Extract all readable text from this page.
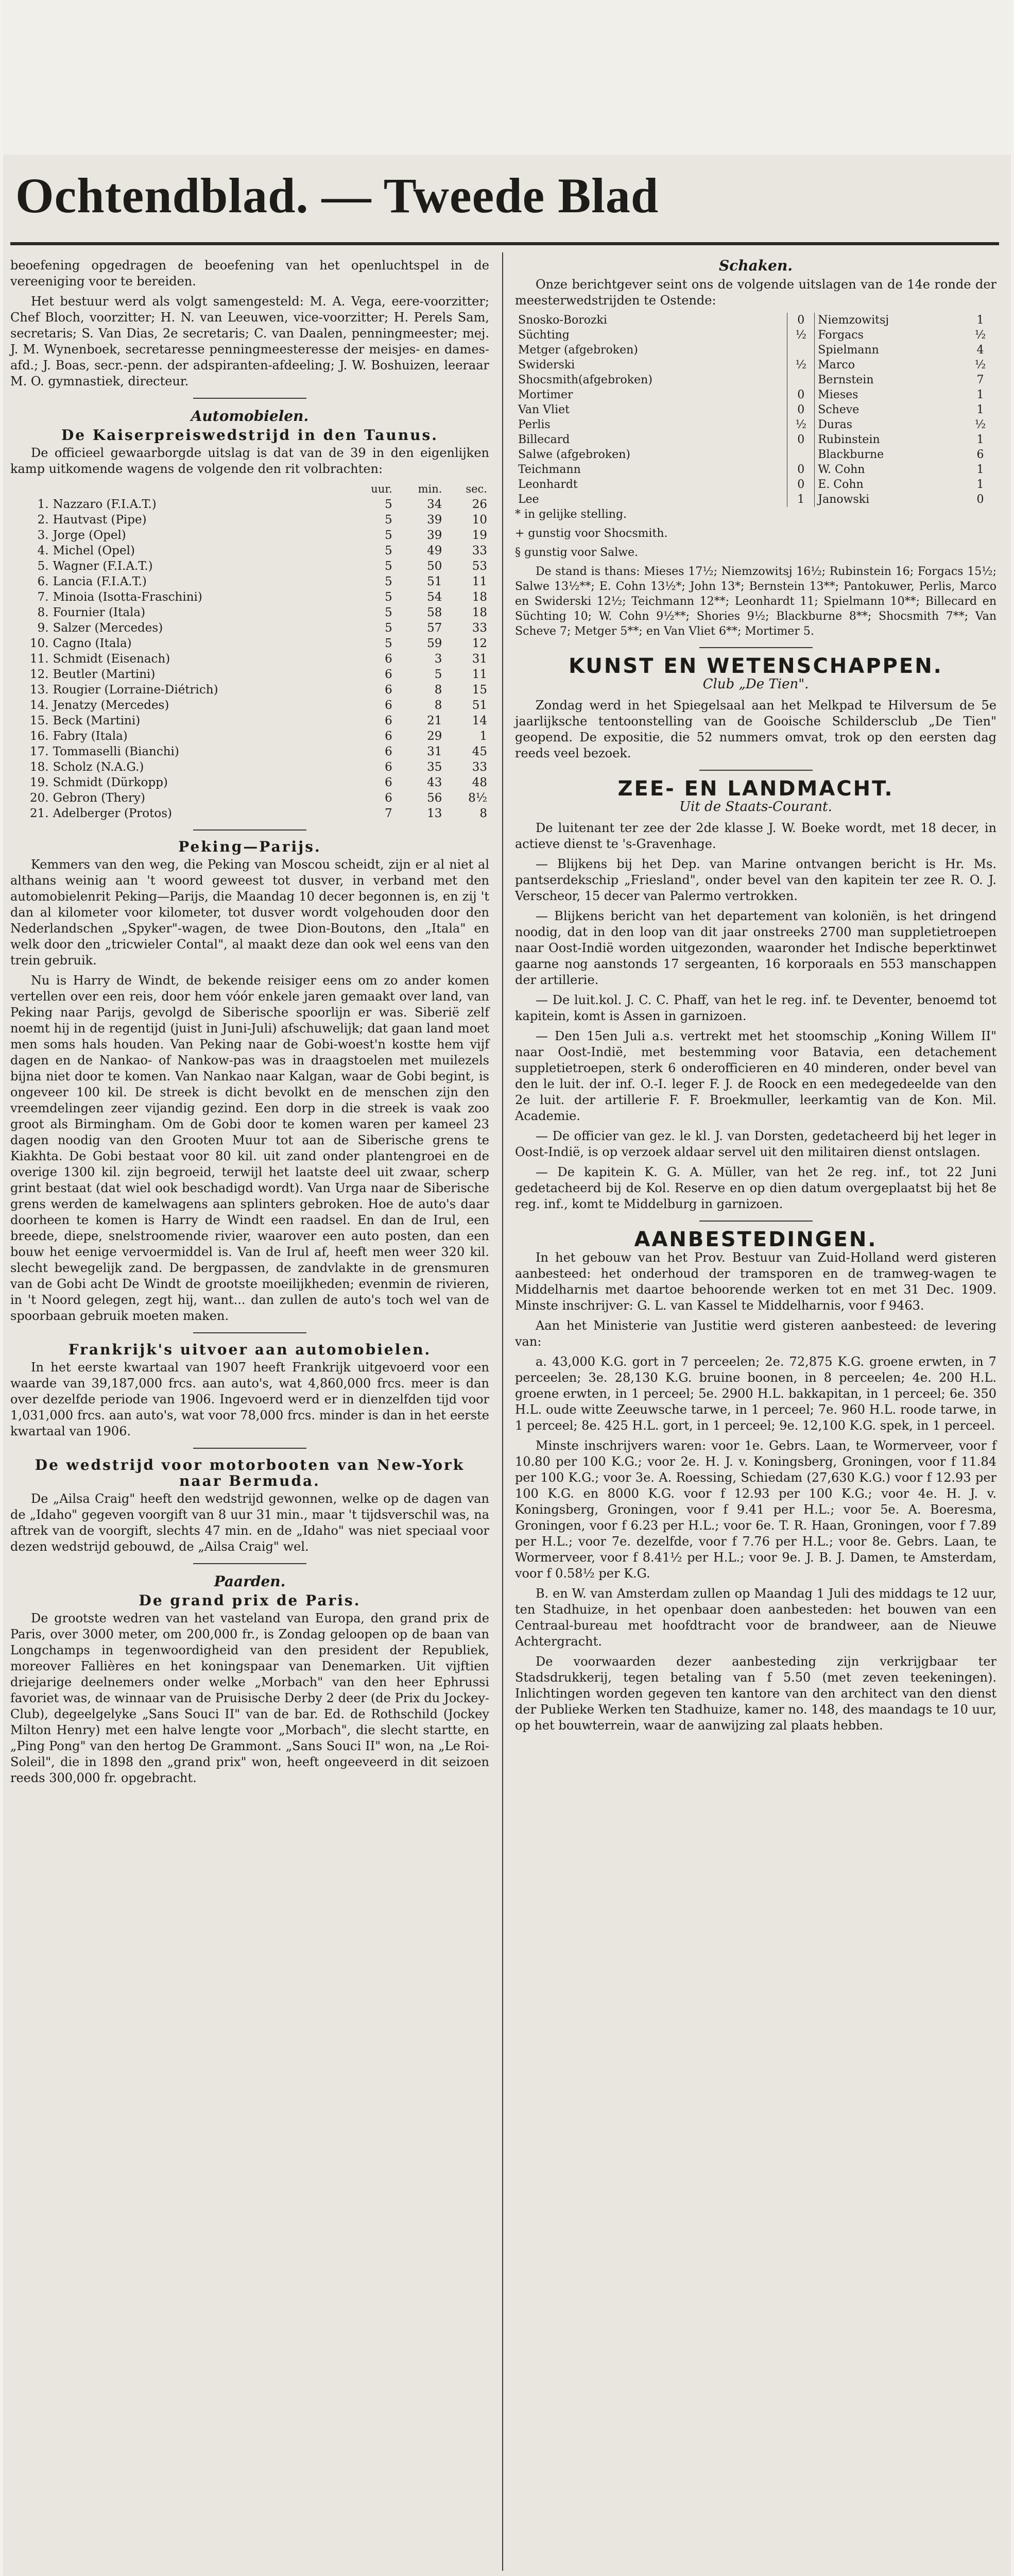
Ochtendblad. — Tweede Blad

beoefening opgedragen de beoefening van het openluchtspel in de vereeniging voor te bereiden.

Het bestuur werd als volgt samengesteld: M. A. Vega, eere-voorzitter; Chef Bloch, voorzitter; H. N. van Leeuwen, vice-voorzitter; H. Perels Sam, secretaris; S. Van Dias, 2e secretaris; C. van Daalen, penningmeester; mej. J. M. Wynenboek, secretaresse penningmeesteresse der meisjes- en dames-afd.; J. Boas, secr.-penn. der adspiranten-afdeeling; J. W. Boshuizen, leeraar M. O. gymnastiek, directeur.

Automobielen.
De Kaiserpreiswedstrijd in den Taunus.

De officieel gewaarborgde uitslag is dat van de 39 in den eigenlijken kamp uitkomende wagens de volgende den rit volbrachten:

		uur.	min.	sec.
1.	Nazzaro (F.I.A.T.)	5	34	26
2.	Hautvast (Pipe)	5	39	10
3.	Jorge (Opel)	5	39	19
4.	Michel (Opel)	5	49	33
5.	Wagner (F.I.A.T.)	5	50	53
6.	Lancia (F.I.A.T.)	5	51	11
7.	Minoia (Isotta-Fraschini)	5	54	18
8.	Fournier (Itala)	5	58	18
9.	Salzer (Mercedes)	5	57	33
10.	Cagno (Itala)	5	59	12
11.	Schmidt (Eisenach)	6	3	31
12.	Beutler (Martini)	6	5	11
13.	Rougier (Lorraine-Diétrich)	6	8	15
14.	Jenatzy (Mercedes)	6	8	51
15.	Beck (Martini)	6	21	14
16.	Fabry (Itala)	6	29	1
17.	Tommaselli (Bianchi)	6	31	45
18.	Scholz (N.A.G.)	6	35	33
19.	Schmidt (Dürkopp)	6	43	48
20.	Gebron (Thery)	6	56	8½
21.	Adelberger (Protos)	7	13	8
Peking—Parijs.

Kemmers van den weg, die Peking van Moscou scheidt, zijn er al niet al althans weinig aan 't woord geweest tot dusver, in verband met den automobielenrit Peking—Parijs, die Maandag 10 decer begonnen is, en zij 't dan al kilometer voor kilometer, tot dusver wordt volgehouden door den Nederlandschen „Spyker"-wagen, de twee Dion-Boutons, den „Itala" en welk door den „tricwieler Contal", al maakt deze dan ook wel eens van den trein gebruik.

Nu is Harry de Windt, de bekende reisiger eens om zo ander komen vertellen over een reis, door hem vóór enkele jaren gemaakt over land, van Peking naar Parijs, gevolgd de Siberische spoorlijn er was. Siberië zelf noemt hij in de regentijd (juist in Juni-Juli) afschuwelijk; dat gaan land moet men soms hals houden. Van Peking naar de Gobi-woest'n kostte hem vijf dagen en de Nankao- of Nankow-pas was in draagstoelen met muilezels bijna niet door te komen. Van Nankao naar Kalgan, waar de Gobi begint, is ongeveer 100 kil. De streek is dicht bevolkt en de menschen zijn den vreemdelingen zeer vijandig gezind. Een dorp in die streek is vaak zoo groot als Birmingham. Om de Gobi door te komen waren per kameel 23 dagen noodig van den Grooten Muur tot aan de Siberische grens te Kiakhta. De Gobi bestaat voor 80 kil. uit zand onder plantengroei en de overige 1300 kil. zijn begroeid, terwijl het laatste deel uit zwaar, scherp grint bestaat (dat wiel ook beschadigd wordt). Van Urga naar de Siberische grens werden de kamelwagens aan splinters gebroken. Hoe de auto's daar doorheen te komen is Harry de Windt een raadsel. En dan de Irul, een breede, diepe, snelstroomende rivier, waarover een auto posten, dan een bouw het eenige vervoermiddel is. Van de Irul af, heeft men weer 320 kil. slecht bewegelijk zand. De bergpassen, de zandvlakte in de grensmuren van de Gobi acht De Windt de grootste moeilijkheden; evenmin de rivieren, in 't Noord gelegen, zegt hij, want... dan zullen de auto's toch wel van de spoorbaan gebruik moeten maken.

Frankrijk's uitvoer aan automobielen.

In het eerste kwartaal van 1907 heeft Frankrijk uitgevoerd voor een waarde van 39,187,000 frcs. aan auto's, wat 4,860,000 frcs. meer is dan over dezelfde periode van 1906. Ingevoerd werd er in dienzelfden tijd voor 1,031,000 frcs. aan auto's, wat voor 78,000 frcs. minder is dan in het eerste kwartaal van 1906.

De wedstrijd voor motorbooten van New-York naar Bermuda.

De „Ailsa Craig" heeft den wedstrijd gewonnen, welke op de dagen van de „Idaho" gegeven voorgift van 8 uur 31 min., maar 't tijdsverschil was, na aftrek van de voorgift, slechts 47 min. en de „Idaho" was niet speciaal voor dezen wedstrijd gebouwd, de „Ailsa Craig" wel.

Paarden.
De grand prix de Paris.

De grootste wedren van het vasteland van Europa, den grand prix de Paris, over 3000 meter, om 200,000 fr., is Zondag geloopen op de baan van Longchamps in tegenwoordigheid van den president der Republiek, moreover Fallières en het koningspaar van Denemarken. Uit vijftien driejarige deelnemers onder welke „Morbach" van den heer Ephrussi favoriet was, de winnaar van de Pruisische Derby 2 deer (de Prix du Jockey-Club), degeelgelyke „Sans Souci II" van de bar. Ed. de Rothschild (Jockey Milton Henry) met een halve lengte voor „Morbach", die slecht startte, en „Ping Pong" van den hertog De Grammont. „Sans Souci II" won, na „Le Roi-Soleil", die in 1898 den „grand prix" won, heeft ongeeveerd in dit seizoen reeds 300,000 fr. opgebracht.

Schaken.

Onze berichtgever seint ons de volgende uitslagen van de 14e ronde der meesterwedstrijden te Ostende:

Snosko-Borozki	0	Niemzowitsj	1
Süchting	½	Forgacs	½
Metger (afgebroken)		Spielmann	4
Swiderski	½	Marco	½
Shocsmith(afgebroken)		Bernstein	7
Mortimer	0	Mieses	1
Van Vliet	0	Scheve	1
Perlis	½	Duras	½
Billecard	0	Rubinstein	1
Salwe (afgebroken)		Blackburne	6
Teichmann	0	W. Cohn	1
Leonhardt	0	E. Cohn	1
Lee	1	Janowski	0

* in gelijke stelling.

+ gunstig voor Shocsmith.

§ gunstig voor Salwe.

De stand is thans: Mieses 17½; Niemzowitsj 16½; Rubinstein 16; Forgacs 15½; Salwe 13½**; E. Cohn 13½*; John 13*; Bernstein 13**; Pantokuwer, Perlis, Marco en Swiderski 12½; Teichmann 12**; Leonhardt 11; Spielmann 10**; Billecard en Süchting 10; W. Cohn 9½**; Shories 9½; Blackburne 8**; Shocsmith 7**; Van Scheve 7; Metger 5**; en Van Vliet 6**; Mortimer 5.

KUNST EN WETENSCHAPPEN.
Club „De Tien".

Zondag werd in het Spiegelsaal aan het Melkpad te Hilversum de 5e jaarlijksche tentoonstelling van de Gooische Schildersclub „De Tien" geopend. De expositie, die 52 nummers omvat, trok op den eersten dag reeds veel bezoek.

ZEE- EN LANDMACHT.
Uit de Staats-Courant.

De luitenant ter zee der 2de klasse J. W. Boeke wordt, met 18 decer, in actieve dienst te 's-Gravenhage.

— Blijkens bij het Dep. van Marine ontvangen bericht is Hr. Ms. pantserdekschip „Friesland", onder bevel van den kapitein ter zee R. O. J. Verscheor, 15 decer van Palermo vertrokken.

— Blijkens bericht van het departement van koloniën, is het dringend noodig, dat in den loop van dit jaar onstreeks 2700 man suppletietroepen naar Oost-Indië worden uitgezonden, waaronder het Indische beperktinwet gaarne nog aanstonds 17 sergeanten, 16 korporaals en 553 manschappen der artillerie.

— De luit.kol. J. C. C. Phaff, van het le reg. inf. te Deventer, benoemd tot kapitein, komt is Assen in garnizoen.

— Den 15en Juli a.s. vertrekt met het stoomschip „Koning Willem II" naar Oost-Indië, met bestemming voor Batavia, een detachement suppletietroepen, sterk 6 onderofficieren en 40 minderen, onder bevel van den le luit. der inf. O.-I. leger F. J. de Roock en een medegedeelde van den 2e luit. der artillerie F. F. Broekmuller, leerkamtig van de Kon. Mil. Academie.

— De officier van gez. le kl. J. van Dorsten, gedetacheerd bij het leger in Oost-Indië, is op verzoek aldaar servel uit den militairen dienst ontslagen.

— De kapitein K. G. A. Müller, van het 2e reg. inf., tot 22 Juni gedetacheerd bij de Kol. Reserve en op dien datum overgeplaatst bij het 8e reg. inf., komt te Middelburg in garnizoen.

AANBESTEDINGEN.

In het gebouw van het Prov. Bestuur van Zuid-Holland werd gisteren aanbesteed: het onderhoud der tramsporen en de tramweg-wagen te Middelharnis met daartoe behoorende werken tot en met 31 Dec. 1909. Minste inschrijver: G. L. van Kassel te Middelharnis, voor f 9463.

Aan het Ministerie van Justitie werd gisteren aanbesteed: de levering van:

a. 43,000 K.G. gort in 7 perceelen; 2e. 72,875 K.G. groene erwten, in 7 perceelen; 3e. 28,130 K.G. bruine boonen, in 8 perceelen; 4e. 200 H.L. groene erwten, in 1 perceel; 5e. 2900 H.L. bakkapitan, in 1 perceel; 6e. 350 H.L. oude witte Zeeuwsche tarwe, in 1 perceel; 7e. 960 H.L. roode tarwe, in 1 perceel; 8e. 425 H.L. gort, in 1 perceel; 9e. 12,100 K.G. spek, in 1 perceel.

Minste inschrijvers waren: voor 1e. Gebrs. Laan, te Wormerveer, voor f 10.80 per 100 K.G.; voor 2e. H. J. v. Koningsberg, Groningen, voor f 11.84 per 100 K.G.; voor 3e. A. Roessing, Schiedam (27,630 K.G.) voor f 12.93 per 100 K.G. en 8000 K.G. voor f 12.93 per 100 K.G.; voor 4e. H. J. v. Koningsberg, Groningen, voor f 9.41 per H.L.; voor 5e. A. Boeresma, Groningen, voor f 6.23 per H.L.; voor 6e. T. R. Haan, Groningen, voor f 7.89 per H.L.; voor 7e. dezelfde, voor f 7.76 per H.L.; voor 8e. Gebrs. Laan, te Wormerveer, voor f 8.41½ per H.L.; voor 9e. J. B. J. Damen, te Amsterdam, voor f 0.58½ per K.G.

B. en W. van Amsterdam zullen op Maandag 1 Juli des middags te 12 uur, ten Stadhuize, in het openbaar doen aanbesteden: het bouwen van een Centraal-bureau met hoofdtracht voor de brandweer, aan de Nieuwe Achtergracht.

De voorwaarden dezer aanbesteding zijn verkrijgbaar ter Stadsdrukkerij, tegen betaling van f 5.50 (met zeven teekeningen). Inlichtingen worden gegeven ten kantore van den architect van den dienst der Publieke Werken ten Stadhuize, kamer no. 148, des maandags te 10 uur, op het bouwterrein, waar de aanwijzing zal plaats hebben.
